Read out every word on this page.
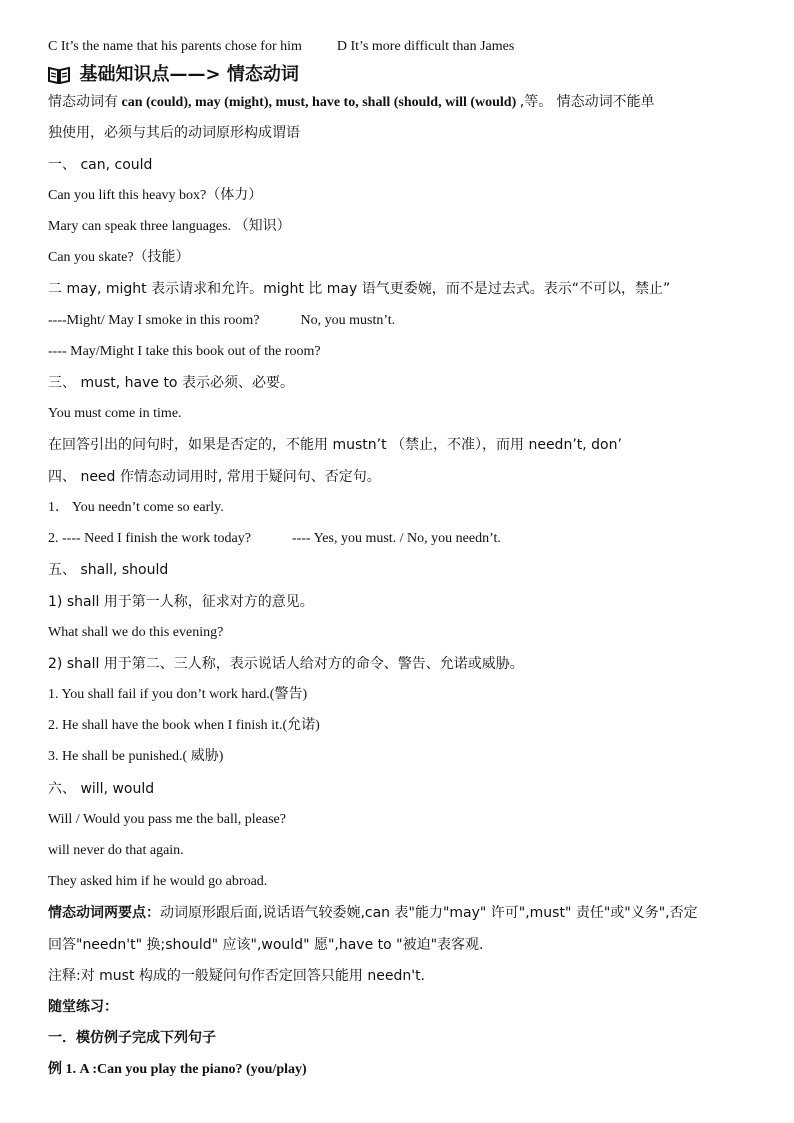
C It’s the name that his parents chose for him	D It’s more difficult than James
基础知识点——> 情态动词
情态动词有 can (could), may (might), must, have to, shall (should, will (would) ,等。 情态动词不能单
独使用，必须与其后的动词原形构成谓语
一、 can, could
Can you lift this heavy box?（体力）
Mary can speak three languages. （知识）
Can you skate?（技能）
二 may, might 表示请求和允许。might 比 may 语气更委婉，而不是过去式。表示“不可以，禁止”
----Might/ May I smoke in this room?	No, you mustn’t.
---- May/Might I take this book out of the room?
三、 must, have to 表示必须、必要。
You must come in time.
在回答引出的问句时，如果是否定的，不能用 mustn’t （禁止，不准），而用 needn’t, don’
四、 need 作情态动词用时, 常用于疑问句、否定句。
1． You needn’t come so early.
2. ---- Need I finish the work today?	---- Yes, you must. / No, you needn’t.
五、 shall, should
1) shall 用于第一人称，征求对方的意见。
What shall we do this evening?
2) shall 用于第二、三人称，表示说话人给对方的命令、警告、允诺或威胁。
1. You shall fail if you don’t work hard.(警告)
2. He shall have the book when I finish it.(允诺)
3. He shall be punished.( 威胁)
六、 will, would
Will / Would you pass me the ball, please?
will never do that again.
They asked him if he would go abroad.
情态动词两要点：动词原形跟后面,说话语气较委婉,can 表"能力"may" 许可",must" 责任"或"义务",否定
回答"needn't" 换;should" 应该",would" 愿",have to "被迫"表客观.
注释:对 must 构成的一般疑问句作否定回答只能用 needn't.
随堂练习：
一．模仿例子完成下列句子
例 1. A :Can you play the piano? (you/play)
